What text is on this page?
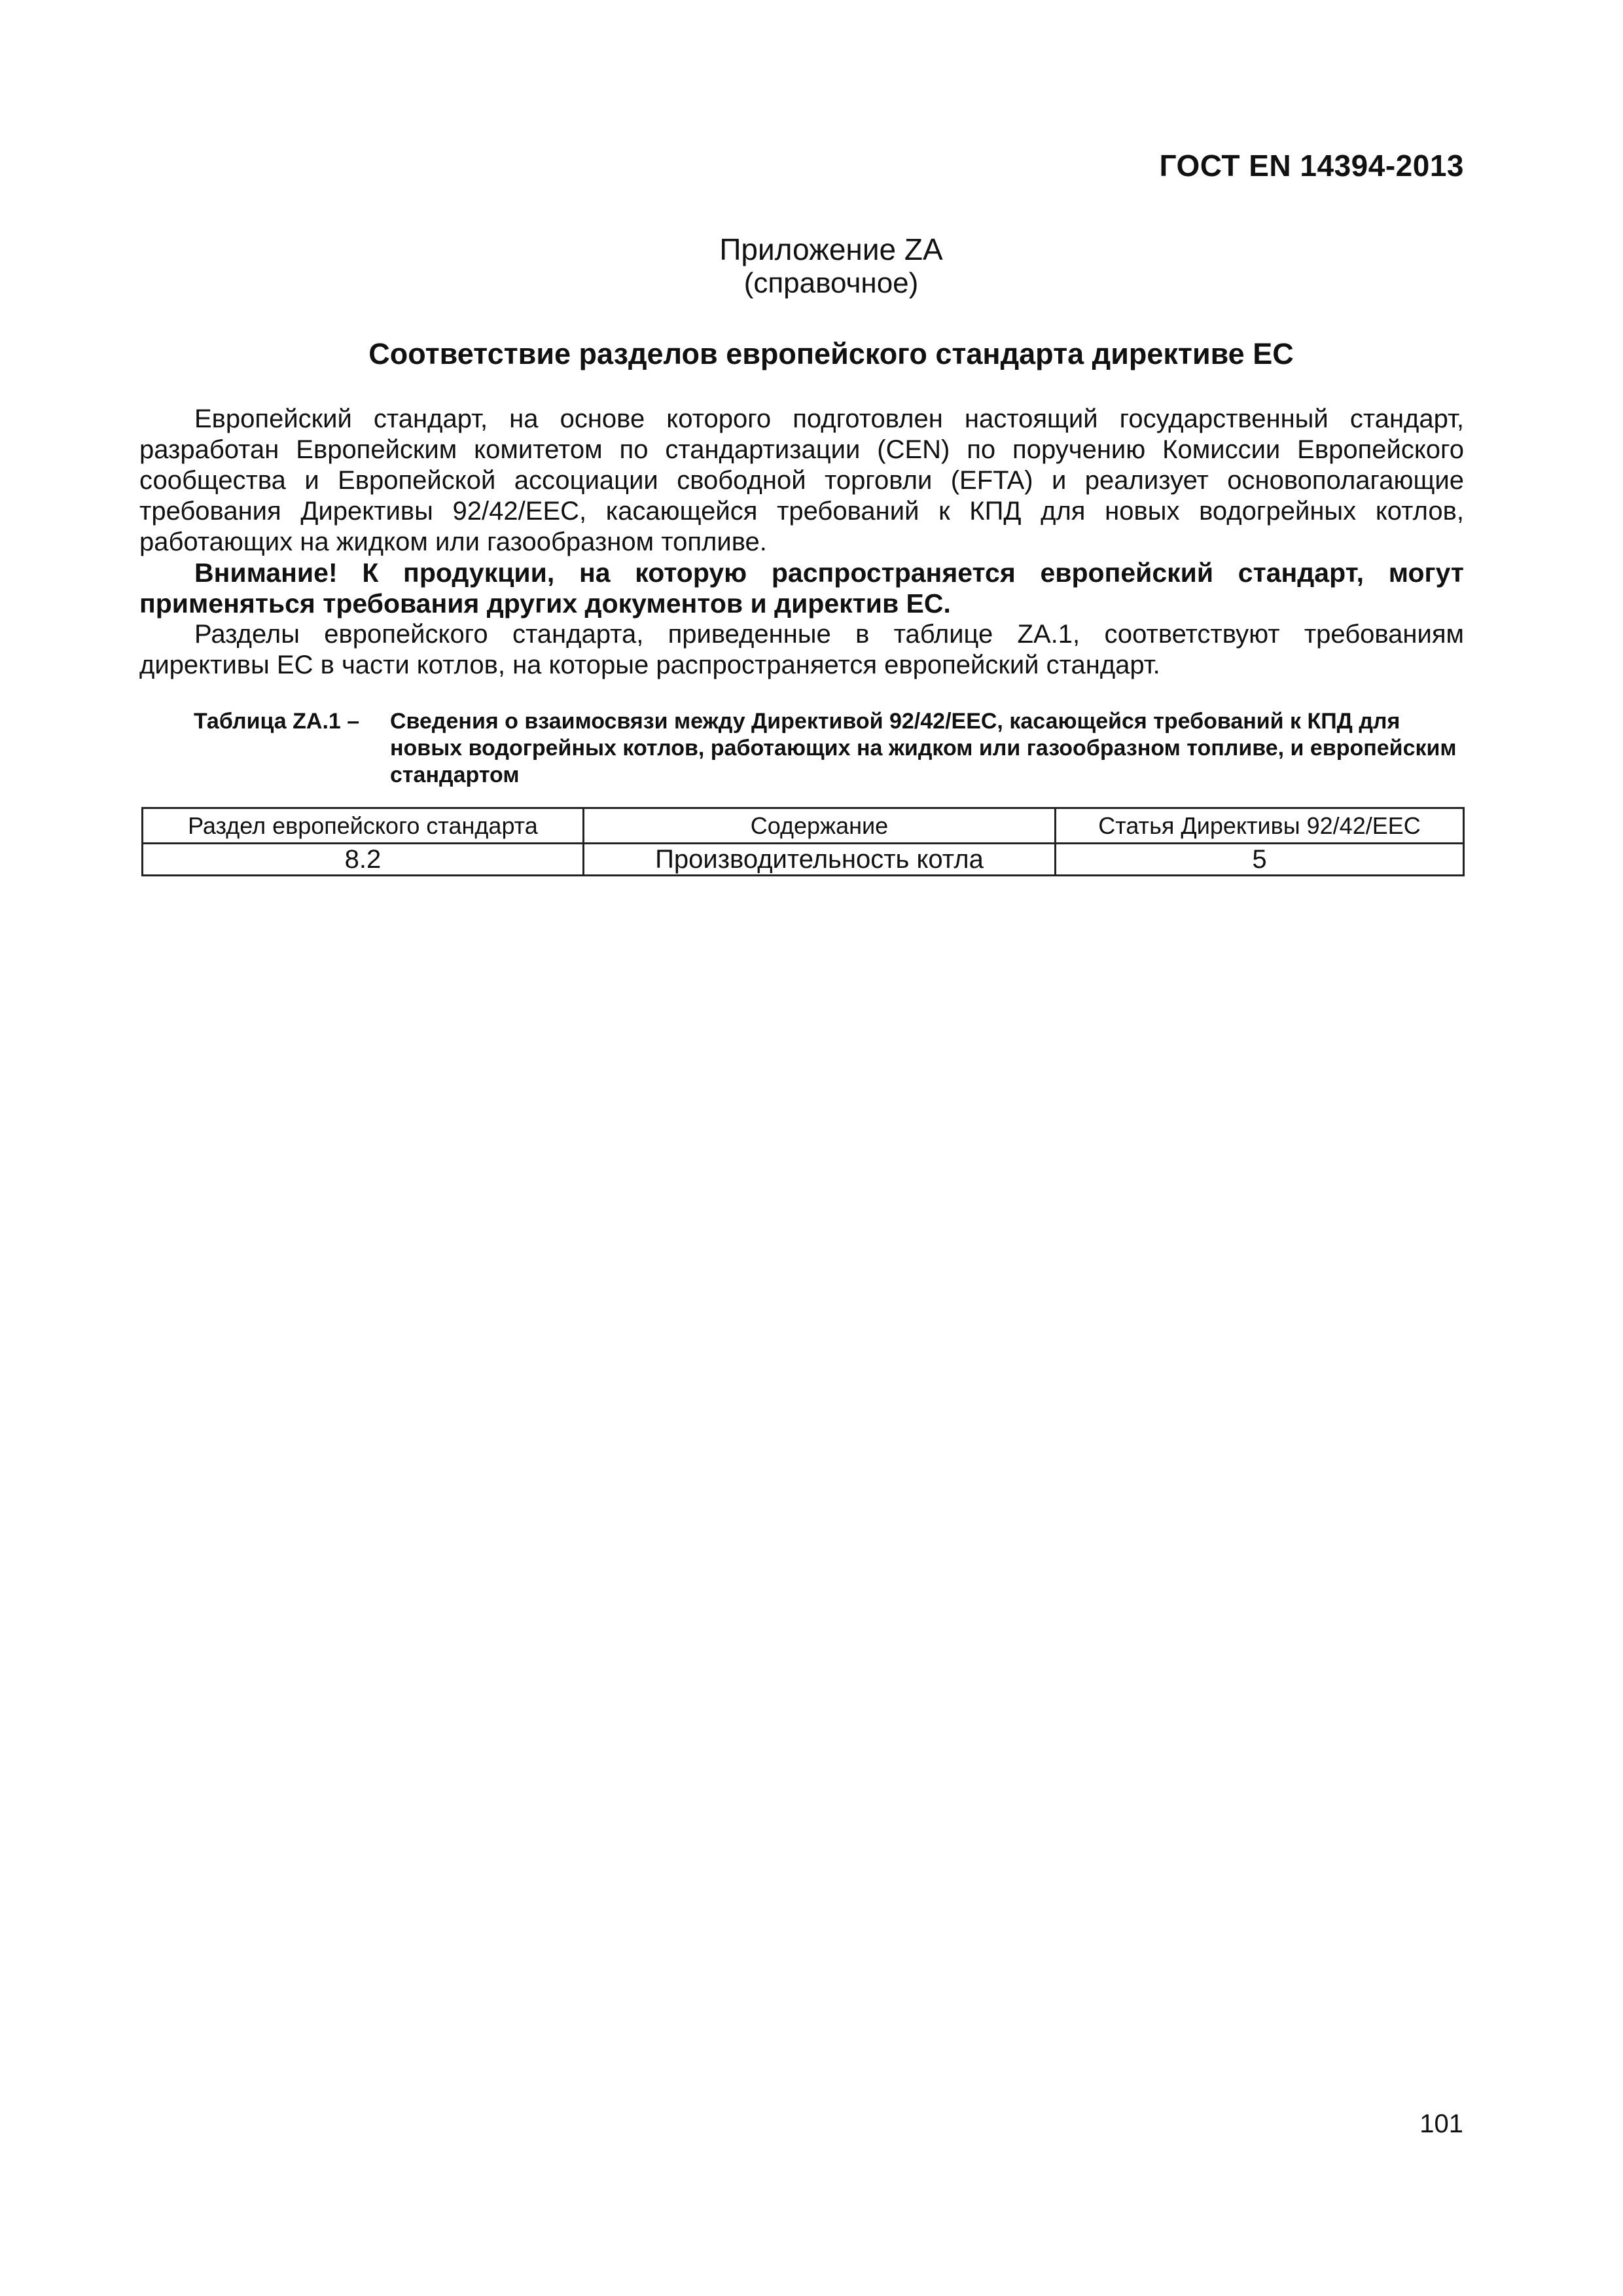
ГОСТ EN 14394-2013
Приложение ZA
(справочное)
Соответствие разделов европейского стандарта директиве ЕС

Европейский стандарт, на основе которого подготовлен настоящий государственный стандарт, разработан Европейским комитетом по стандартизации (CEN) по поручению Комиссии Европейского сообщества и Европейской ассоциации свободной торговли (EFTA) и реализует основополагающие требования Директивы 92/42/EEC, касающейся требований к КПД для новых водогрейных котлов, работающих на жидком или газообразном топливе.

Внимание! К продукции, на которую распространяется европейский стандарт, могут применяться требования других документов и директив ЕС.

Разделы европейского стандарта, приведенные в таблице ZA.1, соответствуют требованиям директивы ЕС в части котлов, на которые распространяется европейский стандарт.

Таблица ZA.1 –	Сведения о взаимосвязи между Директивой 92/42/EEC, касающейся требований к КПД для новых водогрейных котлов, работающих на жидком или газообразном топливе, и европейским стандартом
Раздел европейского стандарта	Содержание	Статья Директивы 92/42/EEC
8.2	Производительность котла	5
101
